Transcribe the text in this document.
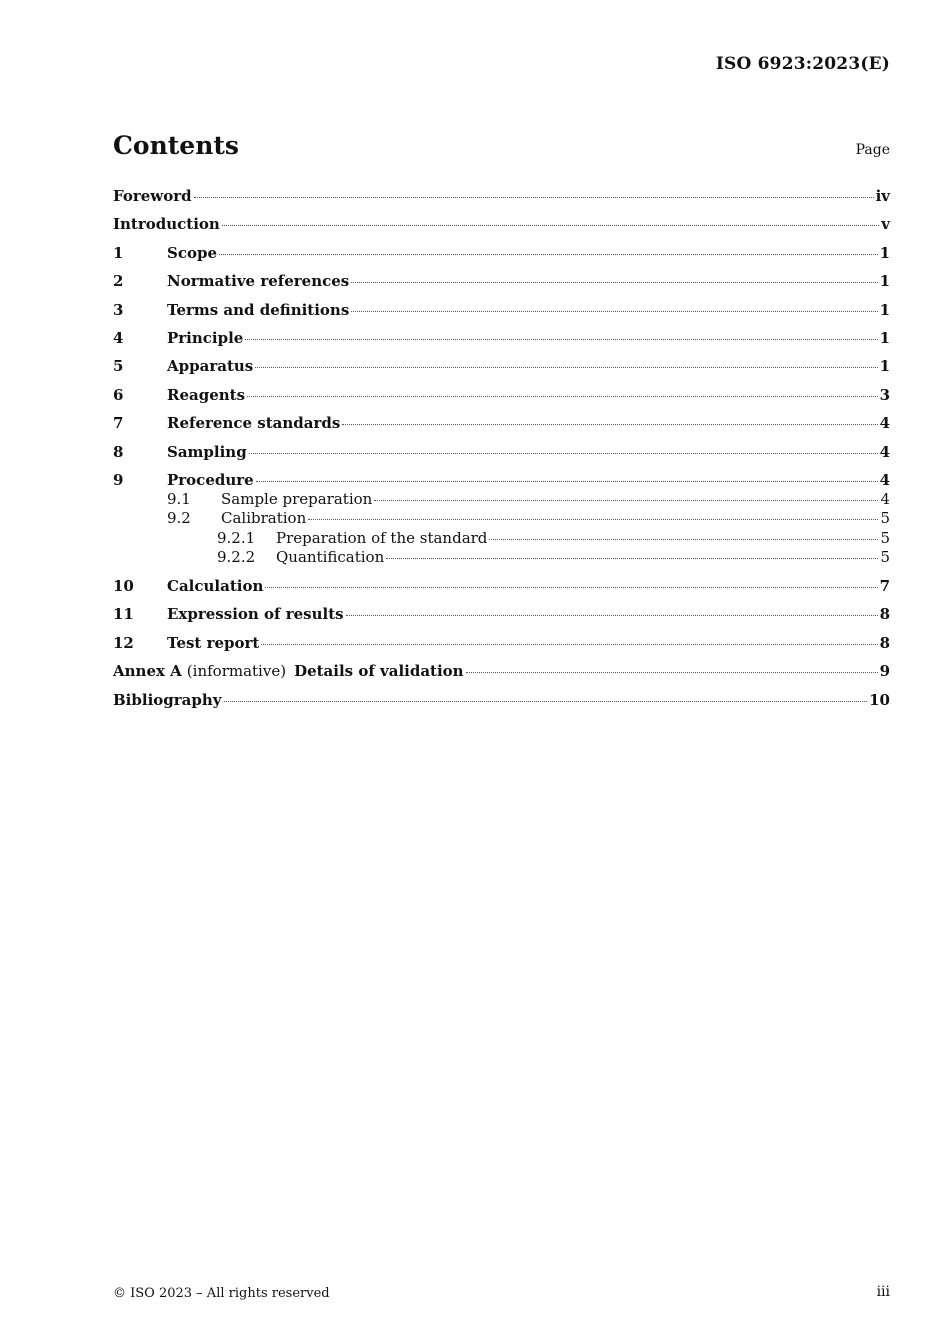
ISO 6923:2023(E)
Contents	Page
Foreword	iv
Introduction	v
1	Scope	1
2	Normative references	1
3	Terms and definitions	1
4	Principle	1
5	Apparatus	1
6	Reagents	3
7	Reference standards	4
8	Sampling	4
9	Procedure	4
9.1	Sample preparation	4
9.2	Calibration	5
9.2.1	Preparation of the standard	5
9.2.2	Quantification	5
10	Calculation	7
11	Expression of results	8
12	Test report	8
Annex A (informative) Details of validation	9
Bibliography	10
© ISO 2023 – All rights reserved	iii
